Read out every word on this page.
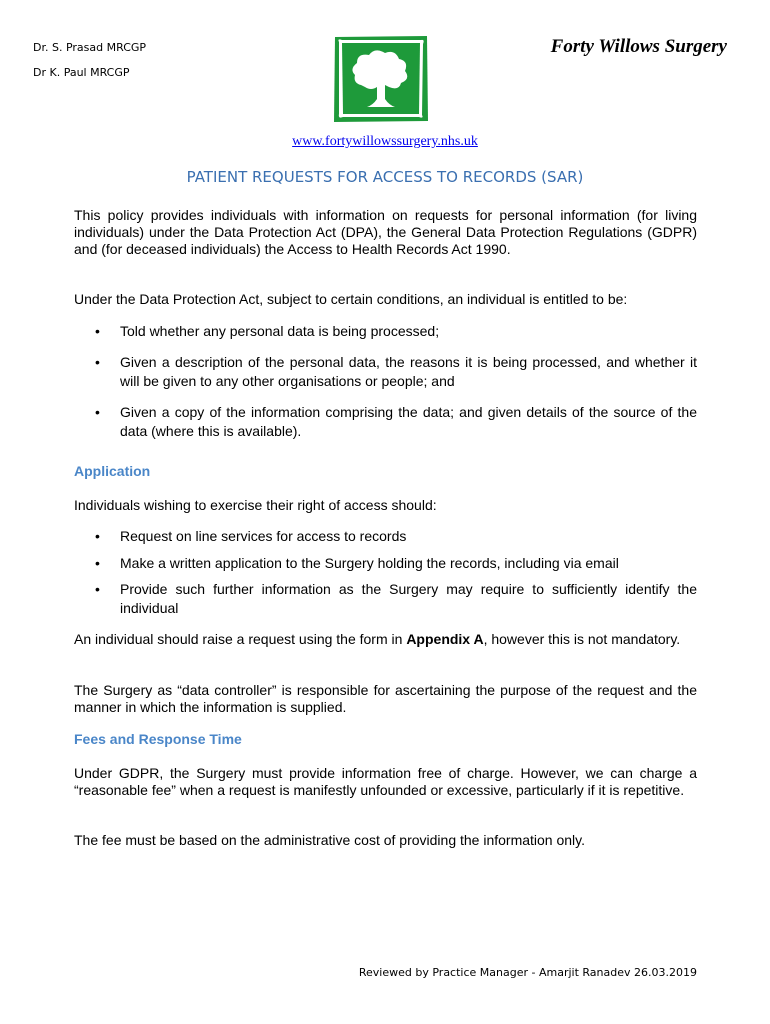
Dr. S. Prasad MRCGP
Dr K. Paul MRCGP
Forty Willows Surgery
www.fortywillowssurgery.nhs.uk
PATIENT REQUESTS FOR ACCESS TO RECORDS (SAR)
This policy provides individuals with information on requests for personal information (for living individuals) under the Data Protection Act (DPA), the General Data Protection Regulations (GDPR) and (for deceased individuals) the Access to Health Records Act 1990.
Under the Data Protection Act, subject to certain conditions, an individual is entitled to be:
• Told whether any personal data is being processed;
• Given a description of the personal data, the reasons it is being processed, and whether it will be given to any other organisations or people; and
• Given a copy of the information comprising the data; and given details of the source of the data (where this is available).
Application
Individuals wishing to exercise their right of access should:
• Request on line services for access to records
• Make a written application to the Surgery holding the records, including via email
• Provide such further information as the Surgery may require to sufficiently identify the individual
An individual should raise a request using the form in Appendix A, however this is not mandatory.
The Surgery as “data controller” is responsible for ascertaining the purpose of the request and the manner in which the information is supplied.
Fees and Response Time
Under GDPR, the Surgery must provide information free of charge. However, we can charge a “reasonable fee” when a request is manifestly unfounded or excessive, particularly if it is repetitive.
The fee must be based on the administrative cost of providing the information only.
Reviewed by Practice Manager - Amarjit Ranadev 26.03.2019
